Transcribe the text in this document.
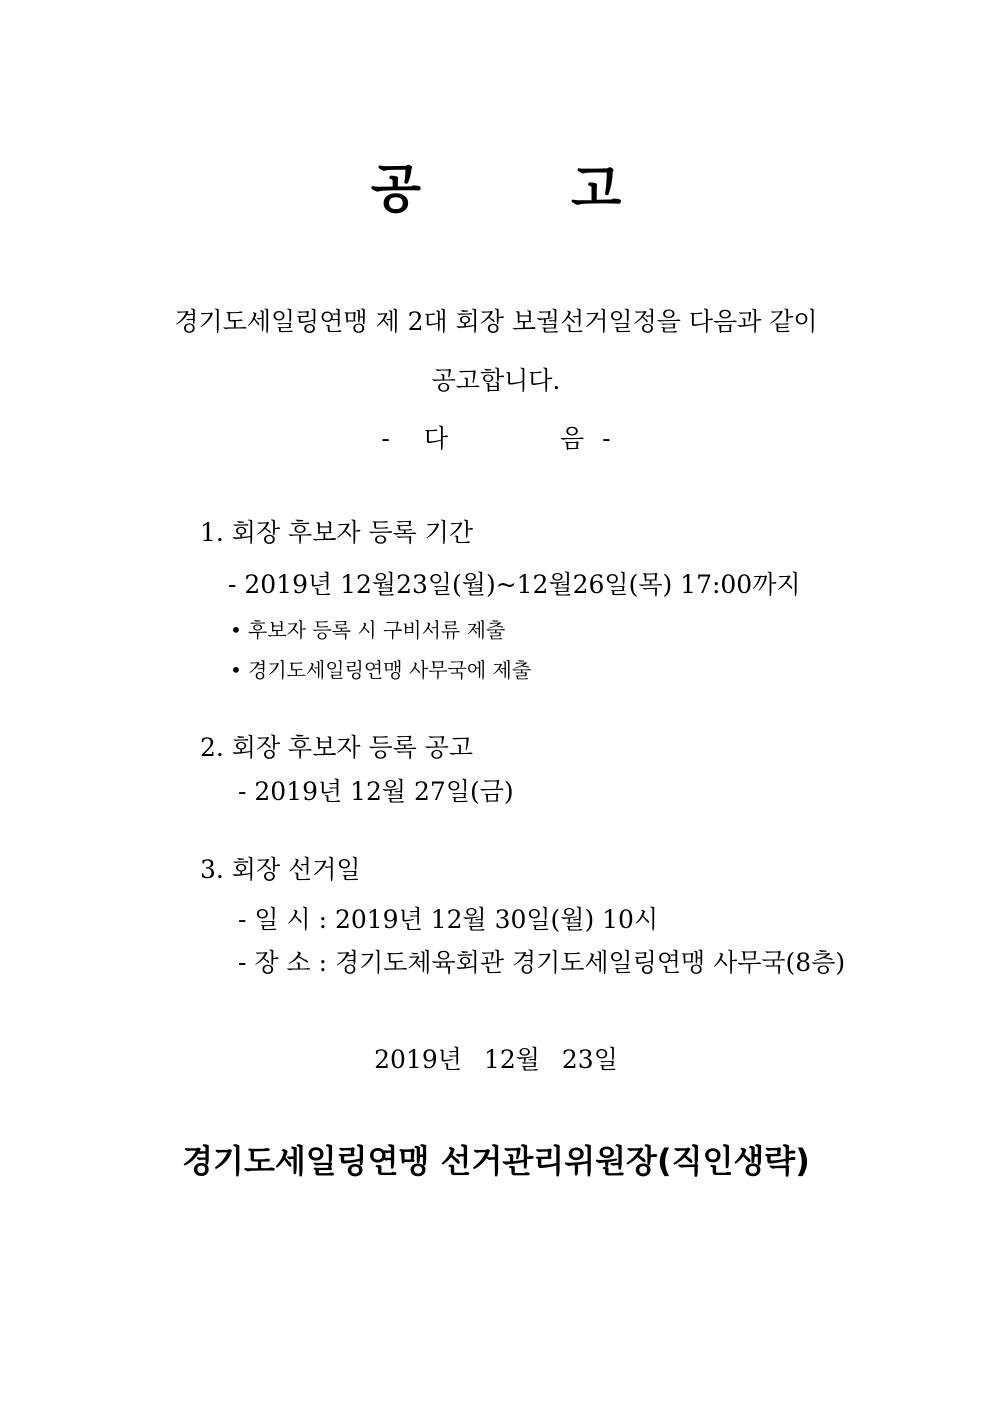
공	고
경기도세일링연맹 제 2대 회장 보궐선거일정을 다음과 같이
공고합니다.
- 다	음 -
1. 회장 후보자 등록 기간
- 2019년 12월23일(월)~12월26일(목) 17:00까지
• 후보자 등록 시 구비서류 제출
• 경기도세일링연맹 사무국에 제출
2. 회장 후보자 등록 공고
- 2019년 12월 27일(금)
3. 회장 선거일
- 일 시 : 2019년 12월 30일(월) 10시
- 장 소 : 경기도체육회관 경기도세일링연맹 사무국(8층)
2019년 12월 23일
경기도세일링연맹 선거관리위원장(직인생략)
